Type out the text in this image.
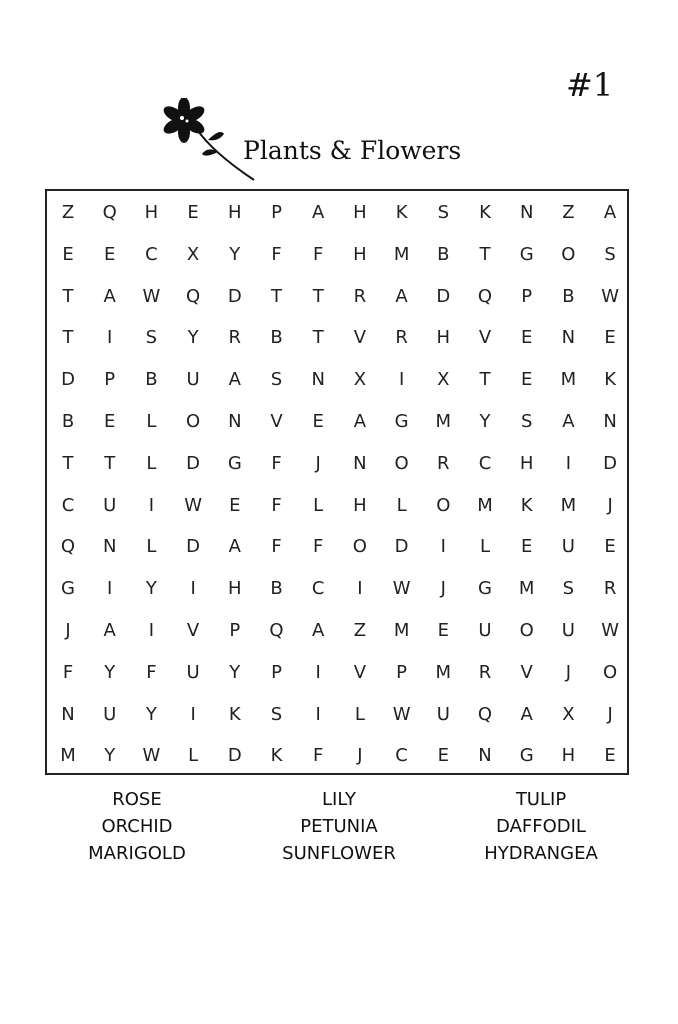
#1
Plants & Flowers
Z	Q	H	E	H	P	A	H	K	S	K	N	Z	A
E	E	C	X	Y	F	F	H	M	B	T	G	O	S
T	A	W	Q	D	T	T	R	A	D	Q	P	B	W
T	I	S	Y	R	B	T	V	R	H	V	E	N	E
D	P	B	U	A	S	N	X	I	X	T	E	M	K
B	E	L	O	N	V	E	A	G	M	Y	S	A	N
T	T	L	D	G	F	J	N	O	R	C	H	I	D
C	U	I	W	E	F	L	H	L	O	M	K	M	J
Q	N	L	D	A	F	F	O	D	I	L	E	U	E
G	I	Y	I	H	B	C	I	W	J	G	M	S	R
J	A	I	V	P	Q	A	Z	M	E	U	O	U	W
F	Y	F	U	Y	P	I	V	P	M	R	V	J	O
N	U	Y	I	K	S	I	L	W	U	Q	A	X	J
M	Y	W	L	D	K	F	J	C	E	N	G	H	E
ROSE
ORCHID
MARIGOLD
LILY
PETUNIA
SUNFLOWER
TULIP
DAFFODIL
HYDRANGEA
